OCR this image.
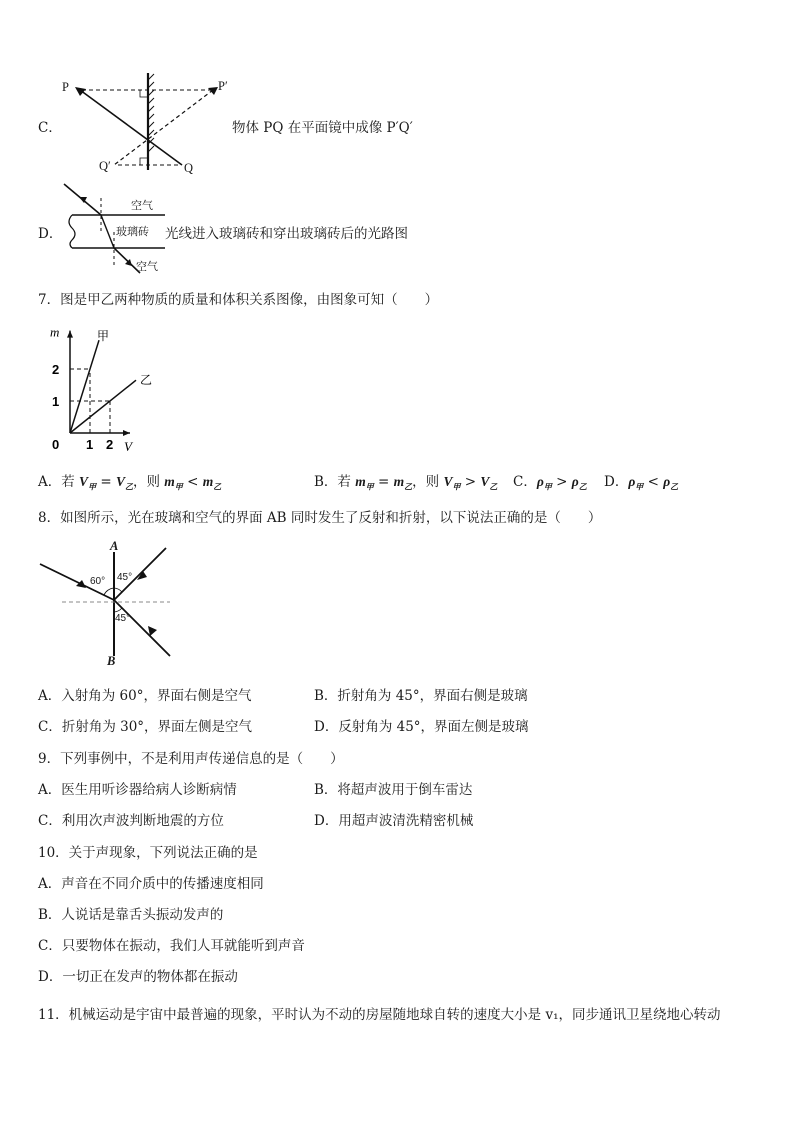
C．
P	P′
Q′	Q
物体 PQ 在平面镜中成像 P′Q′
D．
空气
玻璃砖
空气
光线进入玻璃砖和穿出玻璃砖后的光路图
7．图是甲乙两种物质的质量和体积关系图像，由图象可知（　　）
甲
乙
0 1 2
1
2
V
m
A．若 $V_甲 = V_乙$，则 $m_甲 < m_乙$	B．若 $m_甲 = m_乙$，则 $V_甲 > V_乙$ C．$\rho_甲 > \rho_乙$ D．$\rho_甲 < \rho_乙$
8．如图所示，光在玻璃和空气的界面 AB 同时发生了反射和折射，以下说法正确的是（　　）
A
B
60° 45°
45°
A．入射角为 60°，界面右侧是空气	B．折射角为 45°，界面右侧是玻璃
C．折射角为 30°，界面左侧是空气	D．反射角为 45°，界面左侧是玻璃
9．下列事例中，不是利用声传递信息的是（　　）
A．医生用听诊器给病人诊断病情	B．将超声波用于倒车雷达
C．利用次声波判断地震的方位	D．用超声波清洗精密机械
10．关于声现象，下列说法正确的是
A．声音在不同介质中的传播速度相同
B．人说话是靠舌头振动发声的
C．只要物体在振动，我们人耳就能听到声音
D．一切正在发声的物体都在振动
11．机械运动是宇宙中最普遍的现象，平时认为不动的房屋随地球自转的速度大小是 v₁，同步通讯卫星绕地心转动
